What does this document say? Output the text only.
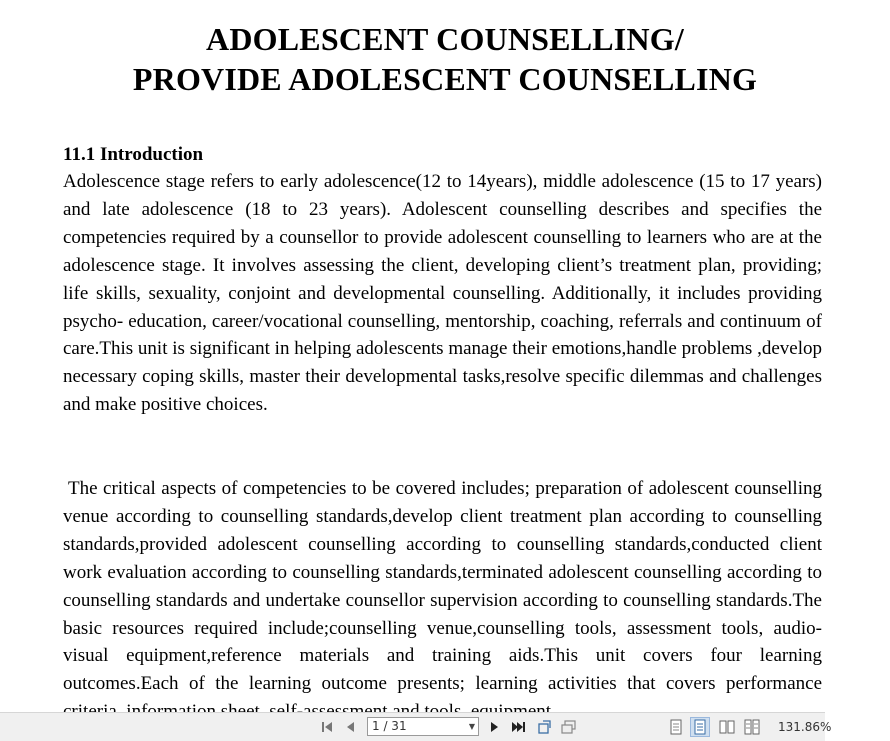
ADOLESCENT COUNSELLING/
PROVIDE ADOLESCENT COUNSELLING
11.1 Introduction
Adolescence stage refers to early adolescence(12 to 14years), middle adolescence (15 to 17 years) and late adolescence (18 to 23 years). Adolescent counselling describes and specifies the competencies required by a counsellor to provide adolescent counselling to learners who are at the adolescence stage. It involves assessing the client, developing client’s treatment plan, providing; life skills, sexuality, conjoint and developmental counselling. Additionally, it includes providing psycho- education, career/vocational counselling, mentorship, coaching, referrals and continuum of care.This unit is significant in helping adolescents manage their emotions,handle problems ,develop necessary coping skills, master their developmental tasks,resolve specific dilemmas and challenges and make positive choices.
The critical aspects of competencies to be covered includes; preparation of adolescent counselling venue according to counselling standards,develop client treatment plan according to counselling standards,provided adolescent counselling according to counselling standards,conducted client work evaluation according to counselling standards,terminated adolescent counselling according to counselling standards and undertake counsellor supervision according to counselling standards.The basic resources required include;counselling venue,counselling tools, assessment tools, audio-visual equipment,reference materials and training aids.This unit covers four learning outcomes.Each of the learning outcome presents; learning activities that covers performance
1 / 31	▼	131.86%
